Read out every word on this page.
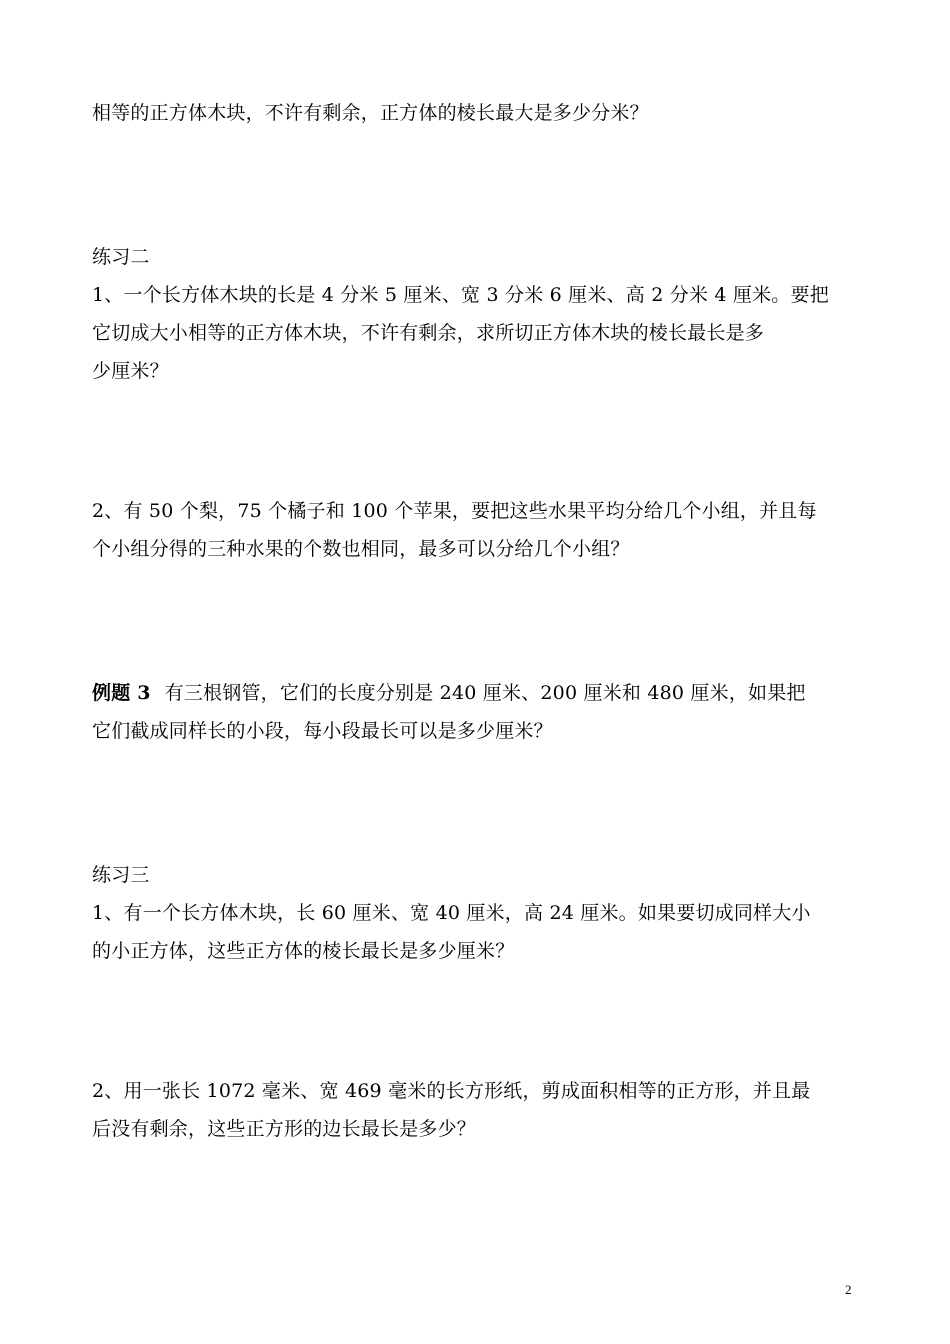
相等的正方体木块，不许有剩余，正方体的棱长最大是多少分米？
练习二
1、一个长方体木块的长是 4 分米 5 厘米、宽 3 分米 6 厘米、高 2 分米 4 厘米。要把
它切成大小相等的正方体木块，不许有剩余，求所切正方体木块的棱长最长是多
少厘米？
2、有 50 个梨，75 个橘子和 100 个苹果，要把这些水果平均分给几个小组，并且每
个小组分得的三种水果的个数也相同，最多可以分给几个小组？
例题 3 有三根钢管，它们的长度分别是 240 厘米、200 厘米和 480 厘米，如果把
它们截成同样长的小段，每小段最长可以是多少厘米？
练习三
1、有一个长方体木块，长 60 厘米、宽 40 厘米，高 24 厘米。如果要切成同样大小
的小正方体，这些正方体的棱长最长是多少厘米？
2、用一张长 1072 毫米、宽 469 毫米的长方形纸，剪成面积相等的正方形，并且最
后没有剩余，这些正方形的边长最长是多少？
2
